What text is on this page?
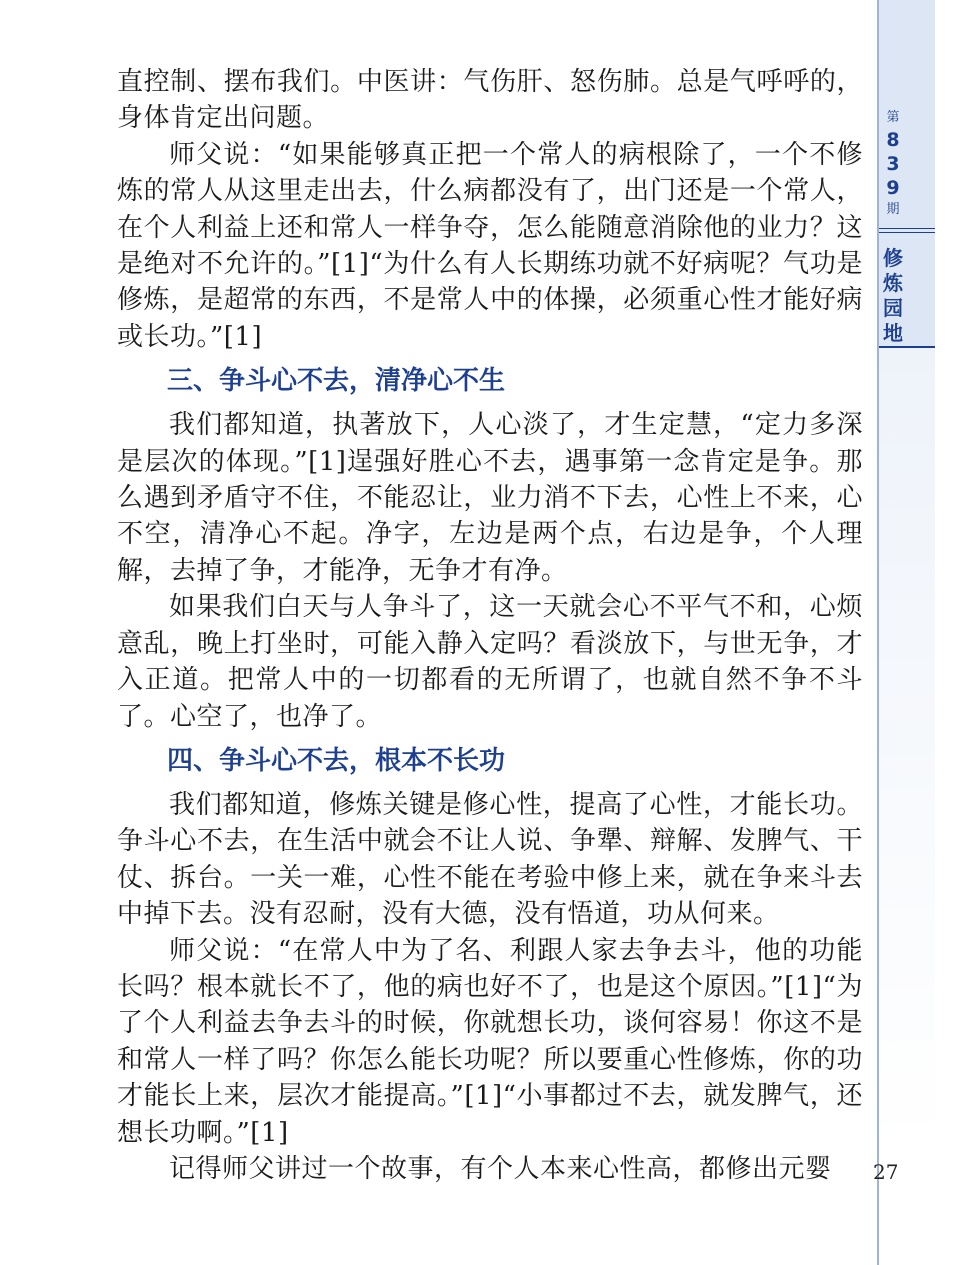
第
8
3
9
期
修
炼
园
地

直控制、摆布我们。中医讲：气伤肝、怒伤肺。总是气呼呼的，身体肯定出问题。

师父说：“如果能够真正把一个常人的病根除了，一个不修炼的常人从这里走出去，什么病都没有了，出门还是一个常人，在个人利益上还和常人一样争夺，怎么能随意消除他的业力？这是绝对不允许的。”[1]“为什么有人长期练功就不好病呢？气功是修炼，是超常的东西，不是常人中的体操，必须重心性才能好病或长功。”[1]

三、争斗心不去，清净心不生

我们都知道，执著放下，人心淡了，才生定慧，“定力多深是层次的体现。”[1]逞强好胜心不去，遇事第一念肯定是争。那么遇到矛盾守不住，不能忍让，业力消不下去，心性上不来，心不空，清净心不起。净字，左边是两个点，右边是争，个人理解，去掉了争，才能净，无争才有净。

如果我们白天与人争斗了，这一天就会心不平气不和，心烦意乱，晚上打坐时，可能入静入定吗？看淡放下，与世无争，才入正道。把常人中的一切都看的无所谓了，也就自然不争不斗了。心空了，也净了。

四、争斗心不去，根本不长功

我们都知道，修炼关键是修心性，提高了心性，才能长功。争斗心不去，在生活中就会不让人说、争犟、辩解、发脾气、干仗、拆台。一关一难，心性不能在考验中修上来，就在争来斗去中掉下去。没有忍耐，没有大德，没有悟道，功从何来。

师父说：“在常人中为了名、利跟人家去争去斗，他的功能长吗？根本就长不了，他的病也好不了，也是这个原因。”[1]“为了个人利益去争去斗的时候，你就想长功，谈何容易！你这不是和常人一样了吗？你怎么能长功呢？所以要重心性修炼，你的功才能长上来，层次才能提高。”[1]“小事都过不去，就发脾气，还想长功啊。”[1]

记得师父讲过一个故事，有个人本来心性高，都修出元婴	27
